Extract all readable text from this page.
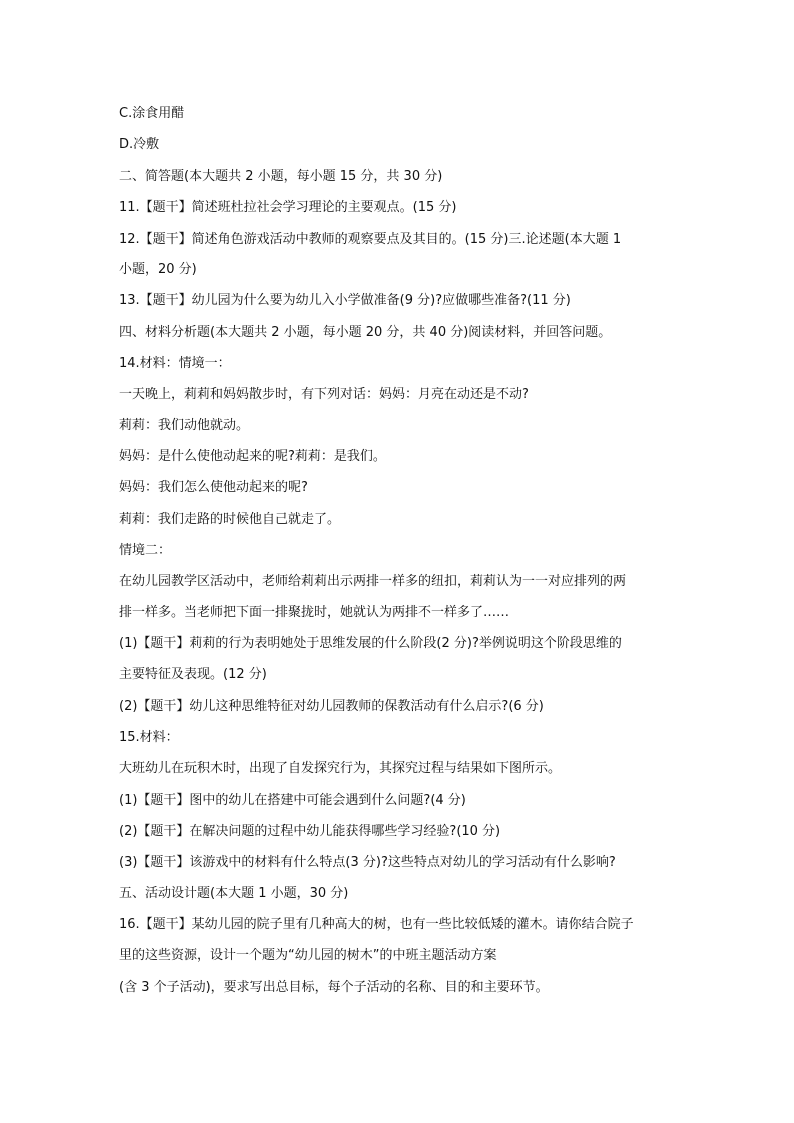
C.涂食用醋
D.冷敷
二、简答题(本大题共 2 小题，每小题 15 分，共 30 分)
11.【题干】简述班杜拉社会学习理论的主要观点。(15 分)
12.【题干】简述角色游戏活动中教师的观察要点及其目的。(15 分)三.论述题(本大题 1
小题，20 分)
13.【题干】幼儿园为什么要为幼儿入小学做准备(9 分)?应做哪些准备?(11 分)
四、材料分析题(本大题共 2 小题，每小题 20 分，共 40 分)阅读材料，并回答问题。
14.材料：情境一：
一天晚上，莉莉和妈妈散步时，有下列对话：妈妈：月亮在动还是不动?
莉莉：我们动他就动。
妈妈：是什么使他动起来的呢?莉莉：是我们。
妈妈：我们怎么使他动起来的呢?
莉莉：我们走路的时候他自己就走了。
情境二：
在幼儿园教学区活动中，老师给莉莉出示两排一样多的纽扣，莉莉认为一一对应排列的两
排一样多。当老师把下面一排聚拢时，她就认为两排不一样多了……
(1)【题干】莉莉的行为表明她处于思维发展的什么阶段(2 分)?举例说明这个阶段思维的
主要特征及表现。(12 分)
(2)【题干】幼儿这种思维特征对幼儿园教师的保教活动有什么启示?(6 分)
15.材料：
大班幼儿在玩积木时，出现了自发探究行为，其探究过程与结果如下图所示。
(1)【题干】图中的幼儿在搭建中可能会遇到什么问题?(4 分)
(2)【题干】在解决问题的过程中幼儿能获得哪些学习经验?(10 分)
(3)【题干】该游戏中的材料有什么特点(3 分)?这些特点对幼儿的学习活动有什么影响?
五、活动设计题(本大题 1 小题，30 分)
16.【题干】某幼儿园的院子里有几种高大的树，也有一些比较低矮的灌木。请你结合院子
里的这些资源，设计一个题为“幼儿园的树木”的中班主题活动方案
(含 3 个子活动)，要求写出总目标，每个子活动的名称、目的和主要环节。
